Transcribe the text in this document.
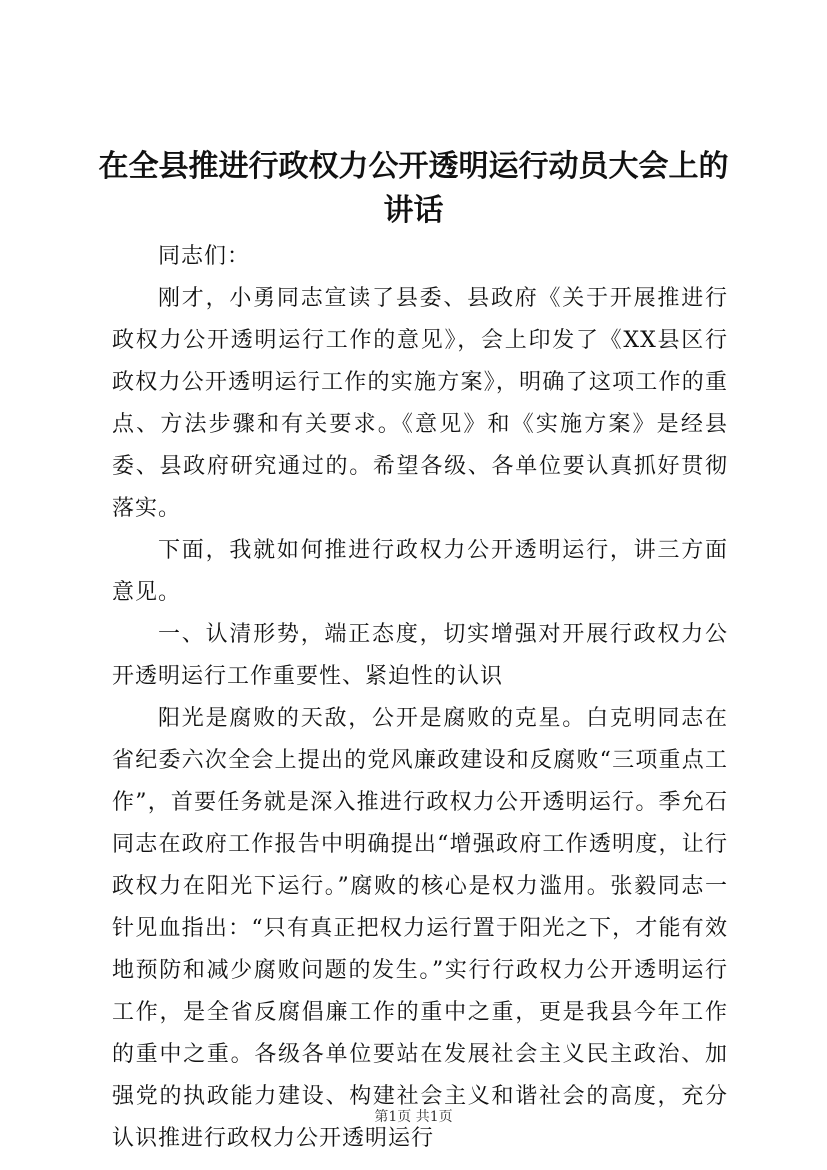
在全县推进行政权力公开透明运行动员大会上的讲话

同志们：

刚才，小勇同志宣读了县委、县政府《关于开展推进行政权力公开透明运行工作的意见》，会上印发了《XX县区行政权力公开透明运行工作的实施方案》，明确了这项工作的重点、方法步骤和有关要求。《意见》和《实施方案》是经县委、县政府研究通过的。希望各级、各单位要认真抓好贯彻落实。

下面，我就如何推进行政权力公开透明运行，讲三方面意见。

一、认清形势，端正态度，切实增强对开展行政权力公开透明运行工作重要性、紧迫性的认识

阳光是腐败的天敌，公开是腐败的克星。白克明同志在省纪委六次全会上提出的党风廉政建设和反腐败“三项重点工作”，首要任务就是深入推进行政权力公开透明运行。季允石同志在政府工作报告中明确提出“增强政府工作透明度，让行政权力在阳光下运行。”腐败的核心是权力滥用。张毅同志一针见血指出：“只有真正把权力运行置于阳光之下，才能有效地预防和减少腐败问题的发生。”实行行政权力公开透明运行工作，是全省反腐倡廉工作的重中之重，更是我县今年工作的重中之重。各级各单位要站在发展社会主义民主政治、加强党的执政能力建设、构建社会主义和谐社会的高度，充分认识推进行政权力公开透明运行

第1页 共1页
